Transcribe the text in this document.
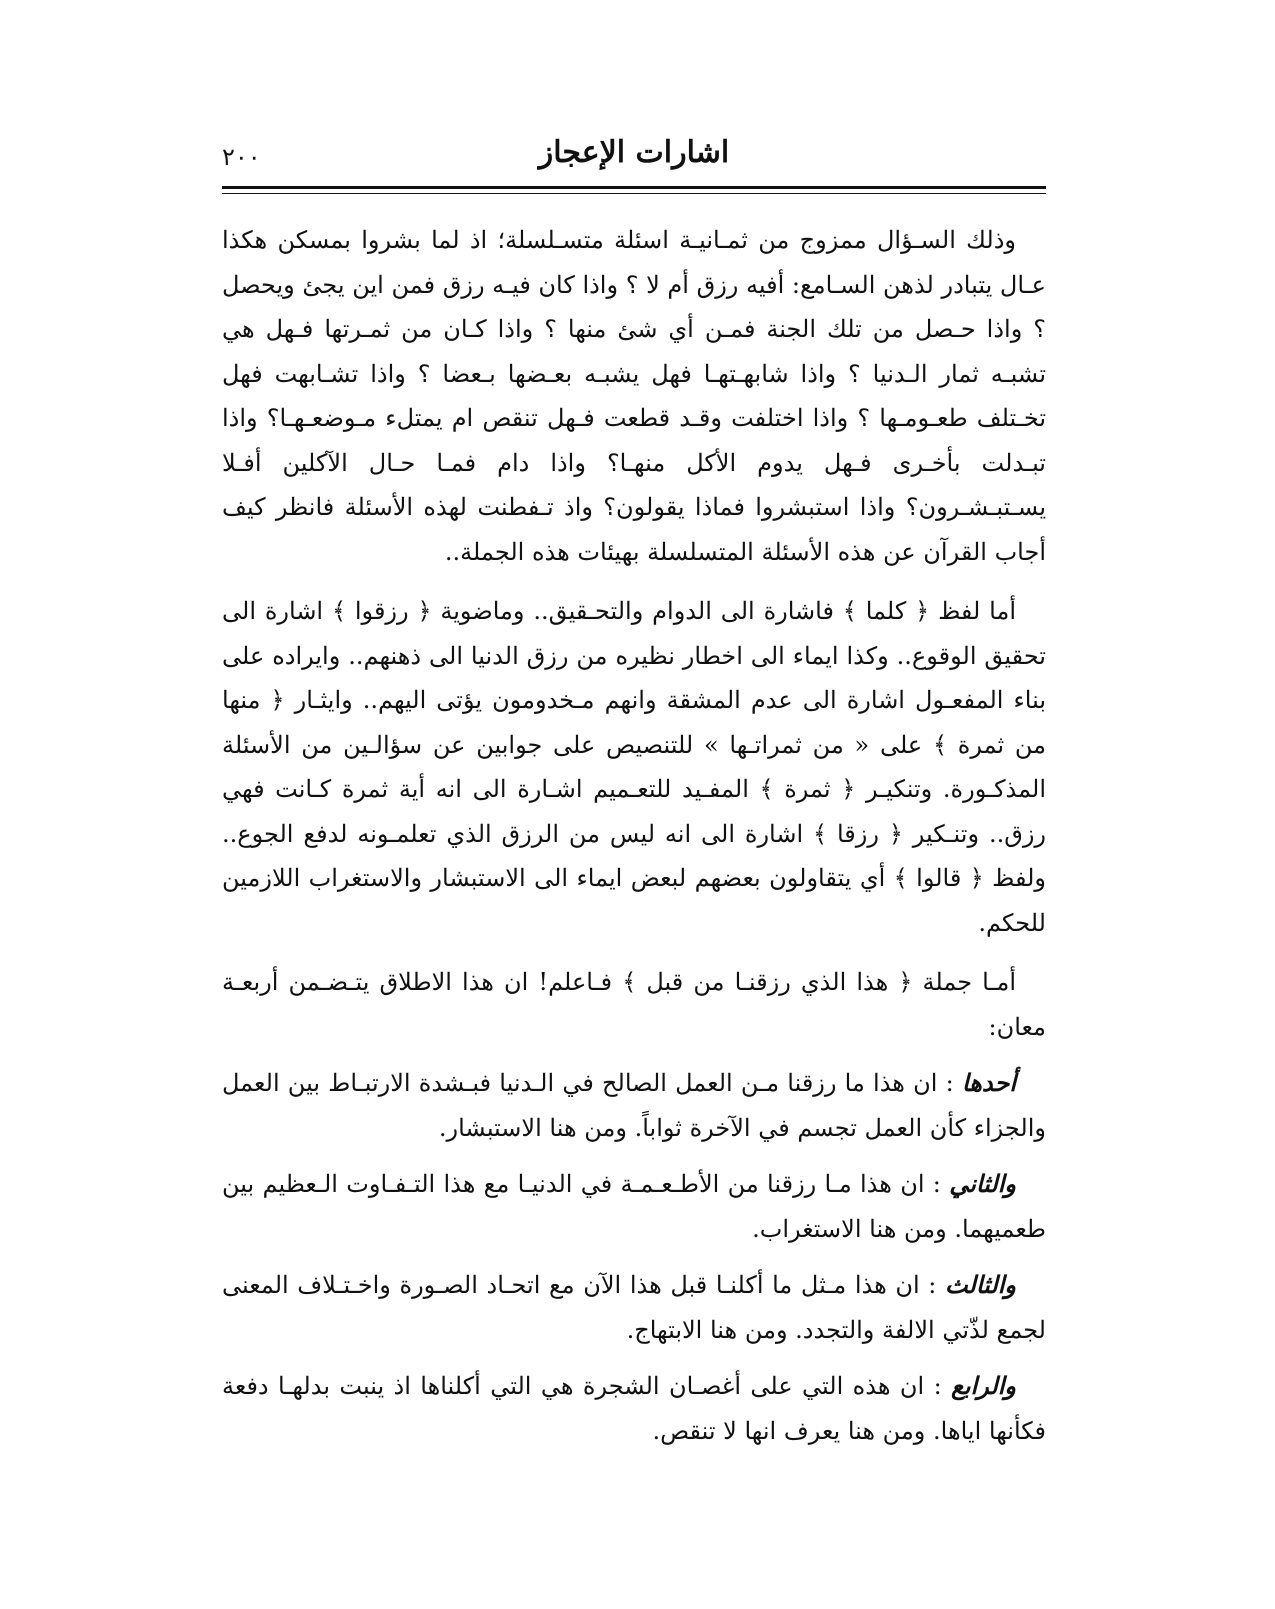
٢٠٠	اشارات الإعجاز

وذلك السـؤال ممزوج من ثمـانيـة اسئلة متسـلسلة؛ اذ لما بشروا بمسكن هكذا عـال يتبادر لذهن السـامع: أفيه رزق أم لا ؟ واذا كان فيـه رزق فمن اين يجئ ويحصل ؟ واذا حـصل من تلك الجنة فمـن أي شئ منها ؟ واذا كـان من ثمـرتها فـهل هي تشبـه ثمار الـدنيا ؟ واذا شابهـتهـا فهل يشبـه بعـضها بـعضا ؟ واذا تشـابهت فهل تخـتلف طعـومـها ؟ واذا اختلفت وقـد قطعت فـهل تنقص ام يمتلء مـوضعـهـا؟ واذا تبـدلت بأخـرى فـهل يدوم الأكل منهـا؟ واذا دام فمـا حـال الآكلين أفـلا يسـتبـشـرون؟ واذا استبشروا فماذا يقولون؟ واذ تـفطنت لهذه الأسئلة فانظر كيف أجاب القرآن عن هذه الأسئلة المتسلسلة بهيئات هذه الجملة..

أما لفظ ﴿ كلما ﴾ فاشارة الى الدوام والتحـقيق.. وماضوية ﴿ رزقوا ﴾ اشارة الى تحقيق الوقوع.. وكذا ايماء الى اخطار نظيره من رزق الدنيا الى ذهنهم.. وايراده على بناء المفعـول اشارة الى عدم المشقة وانهم مـخدومون يؤتى اليهم.. وايثـار ﴿ منها من ثمرة ﴾ على « من ثمراتـها » للتنصيص على جوابين عن سؤالـين من الأسئلة المذكـورة. وتنكيـر ﴿ ثمرة ﴾ المفـيد للتعـميم اشـارة الى انه أية ثمرة كـانت فهي رزق.. وتنـكير ﴿ رزقا ﴾ اشارة الى انه ليس من الرزق الذي تعلمـونه لدفع الجوع.. ولفظ ﴿ قالوا ﴾ أي يتقاولون بعضهم لبعض ايماء الى الاستبشار والاستغراب اللازمين للحكم.

أمـا جملة ﴿ هذا الذي رزقنـا من قبل ﴾ فـاعلم! ان هذا الاطلاق يتـضـمن أربعـة معان:

أحدها : ان هذا ما رزقنا مـن العمل الصالح في الـدنيا فبـشدة الارتبـاط بين العمل والجزاء كأن العمل تجسم في الآخرة ثواباً. ومن هنا الاستبشار.

والثاني : ان هذا مـا رزقنا من الأطـعـمـة في الدنيـا مع هذا التـفـاوت الـعظيم بين طعميهما. ومن هنا الاستغراب.

والثالث : ان هذا مـثل ما أكلنـا قبل هذا الآن مع اتحـاد الصـورة واخـتـلاف المعنى لجمع لذّتي الالفة والتجدد. ومن هنا الابتهاج.

والرابع : ان هذه التي على أغصـان الشجرة هي التي أكلناها اذ ينبت بدلهـا دفعة فكأنها اياها. ومن هنا يعرف انها لا تنقص.
